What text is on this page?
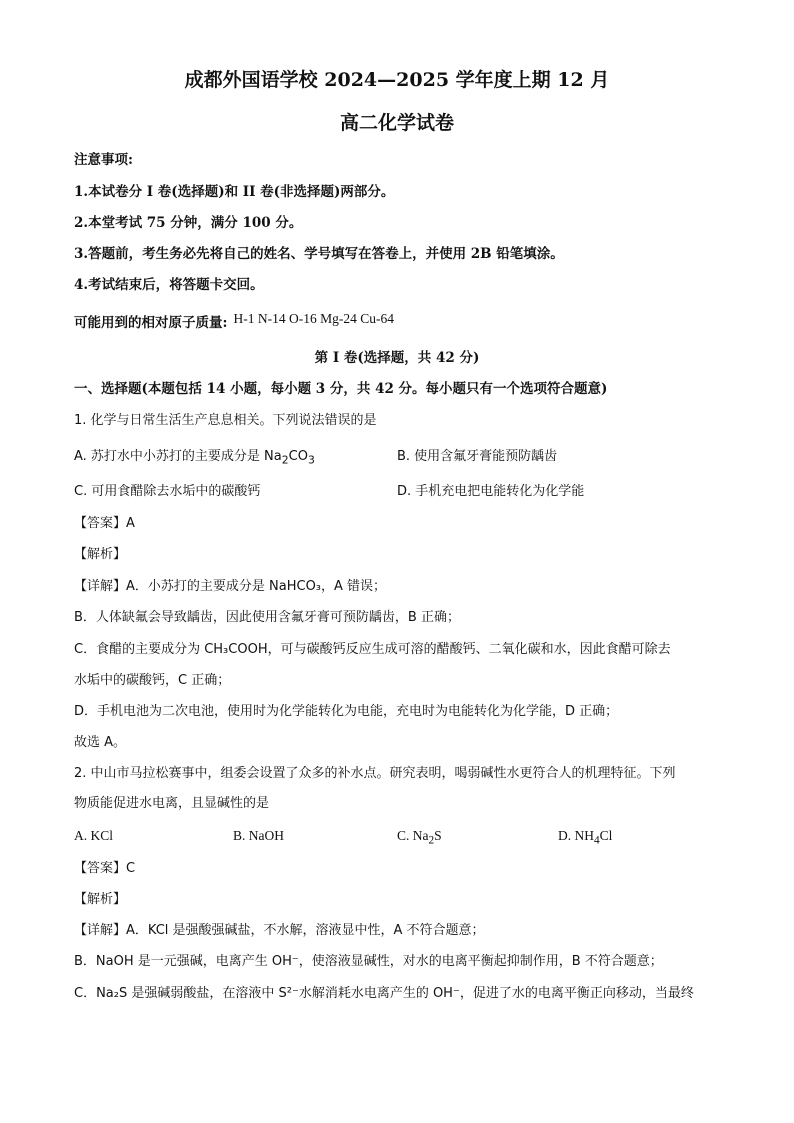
成都外国语学校 2024—2025 学年度上期 12 月
高二化学试卷
注意事项:
1.本试卷分 I 卷(选择题)和 II 卷(非选择题)两部分。
2.本堂考试 75 分钟，满分 100 分。
3.答题前，考生务必先将自己的姓名、学号填写在答卷上，并使用 2B 铅笔填涂。
4.考试结束后，将答题卡交回。
可能用到的相对原子质量: H-1 N-14 O-16 Mg-24 Cu-64
第 I 卷(选择题，共 42 分)
一、选择题(本题包括 14 小题，每小题 3 分，共 42 分。每小题只有一个选项符合题意)
1. 化学与日常生活生产息息相关。下列说法错误的是
A. 苏打水中小苏打的主要成分是 $Na_2CO_3$	B. 使用含氟牙膏能预防龋齿
C. 可用食醋除去水垢中的碳酸钙	D. 手机充电把电能转化为化学能
【答案】A
【解析】
【详解】A．小苏打的主要成分是 NaHCO₃，A 错误；
B．人体缺氟会导致龋齿，因此使用含氟牙膏可预防龋齿，B 正确；
C．食醋的主要成分为 CH₃COOH，可与碳酸钙反应生成可溶的醋酸钙、二氧化碳和水，因此食醋可除去
水垢中的碳酸钙，C 正确；
D．手机电池为二次电池，使用时为化学能转化为电能，充电时为电能转化为化学能，D 正确；
故选 A。
2. 中山市马拉松赛事中，组委会设置了众多的补水点。研究表明，喝弱碱性水更符合人的机理特征。下列
物质能促进水电离，且显碱性的是
A. KCl	B. NaOH	C. $Na_2S$	D. $NH_4Cl$
【答案】C
【解析】
【详解】A．KCl 是强酸强碱盐，不水解，溶液显中性，A 不符合题意；
B．NaOH 是一元强碱，电离产生 OH⁻，使溶液显碱性，对水的电离平衡起抑制作用，B 不符合题意；
C．Na₂S 是强碱弱酸盐，在溶液中 S²⁻水解消耗水电离产生的 OH⁻，促进了水的电离平衡正向移动，当最终
